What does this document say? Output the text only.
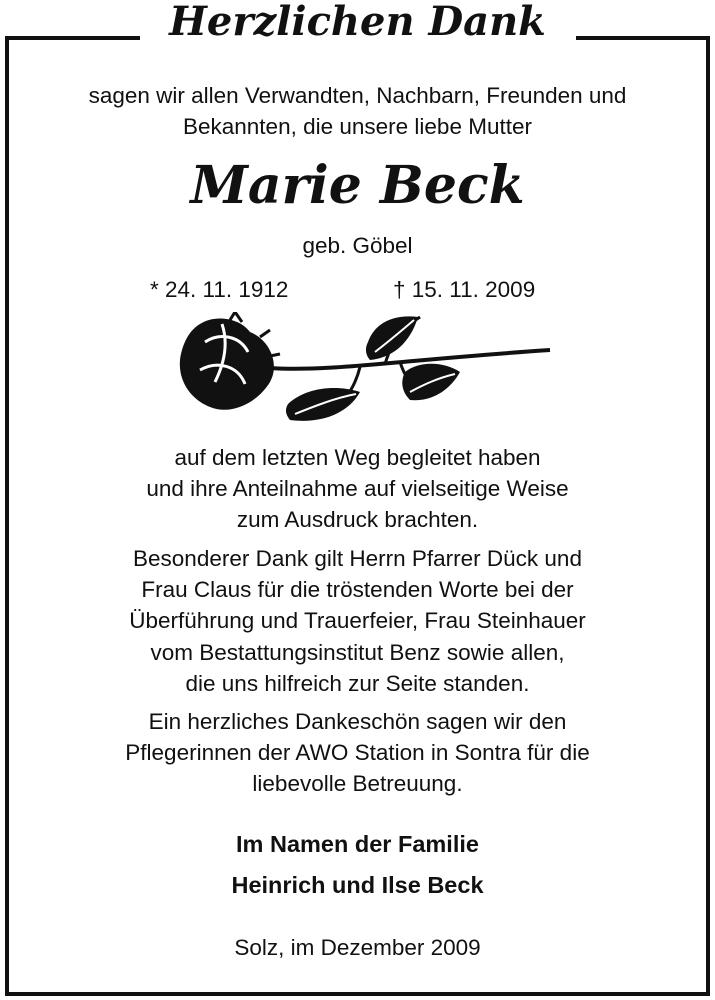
Herzlichen Dank
sagen wir allen Verwandten, Nachbarn, Freunden und
Bekannten, die unsere liebe Mutter
Marie Beck
geb. Göbel
* 24. 11. 1912	† 15. 11. 2009
auf dem letzten Weg begleitet haben
und ihre Anteilnahme auf vielseitige Weise
zum Ausdruck brachten.
Besonderer Dank gilt Herrn Pfarrer Dück und
Frau Claus für die tröstenden Worte bei der
Überführung und Trauerfeier, Frau Steinhauer
vom Bestattungsinstitut Benz sowie allen,
die uns hilfreich zur Seite standen.
Ein herzliches Dankeschön sagen wir den
Pflegerinnen der AWO Station in Sontra für die
liebevolle Betreuung.
Im Namen der Familie
Heinrich und Ilse Beck
Solz, im Dezember 2009
